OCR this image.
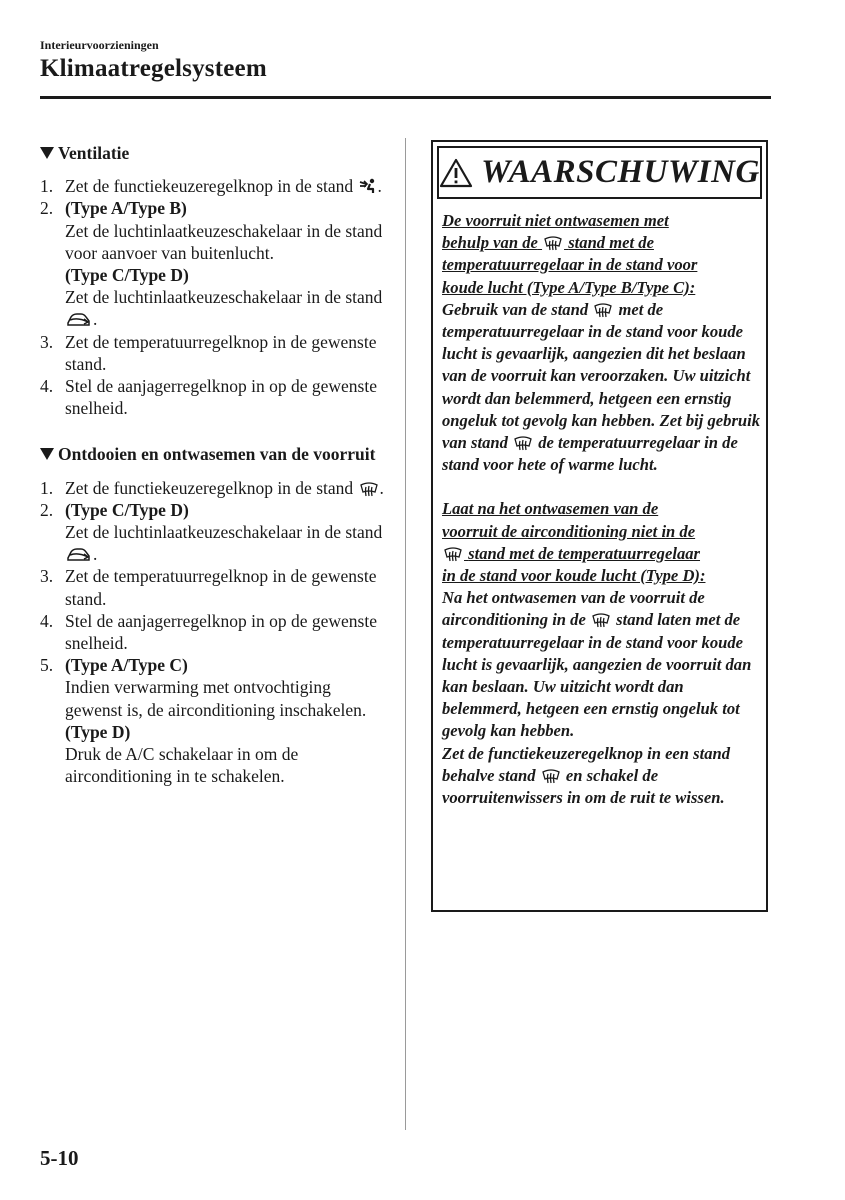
Interieurvoorzieningen
Klimaatregelsysteem
Ventilatie
1. Zet de functiekeuzeregelknop in de stand .
2. (Type A/Type B)
Zet de luchtinlaatkeuzeschakelaar in de stand voor aanvoer van buitenlucht.
(Type C/Type D)
Zet de luchtinlaatkeuzeschakelaar in de stand .
3. Zet de temperatuurregelknop in de gewenste stand.
4. Stel de aanjagerregelknop in op de gewenste snelheid.
Ontdooien en ontwasemen van de voorruit
1. Zet de functiekeuzeregelknop in de stand .
2. (Type C/Type D)
Zet de luchtinlaatkeuzeschakelaar in de stand .
3. Zet de temperatuurregelknop in de gewenste stand.
4. Stel de aanjagerregelknop in op de gewenste snelheid.
5. (Type A/Type C)
Indien verwarming met ontvochtiging gewenst is, de airconditioning inschakelen.
(Type D)
Druk de A/C schakelaar in om de airconditioning in te schakelen.
WAARSCHUWING

De voorruit niet ontwasemen met
behulp van de stand met de
temperatuurregelaar in de stand voor
koude lucht (Type A/Type B/Type C):

Gebruik van de stand met de temperatuurregelaar in de stand voor koude lucht is gevaarlijk, aangezien dit het beslaan van de voorruit kan veroorzaken. Uw uitzicht wordt dan belemmerd, hetgeen een ernstig ongeluk tot gevolg kan hebben. Zet bij gebruik van stand de temperatuurregelaar in de stand voor hete of warme lucht.

Laat na het ontwasemen van de
voorruit de airconditioning niet in de
stand met de temperatuurregelaar
in de stand voor koude lucht (Type D):

Na het ontwasemen van de voorruit de airconditioning in de stand laten met de temperatuurregelaar in de stand voor koude lucht is gevaarlijk, aangezien de voorruit dan kan beslaan. Uw uitzicht wordt dan belemmerd, hetgeen een ernstig ongeluk tot gevolg kan hebben.

Zet de functiekeuzeregelknop in een stand behalve stand en schakel de voorruitenwissers in om de ruit te wissen.

5-10
